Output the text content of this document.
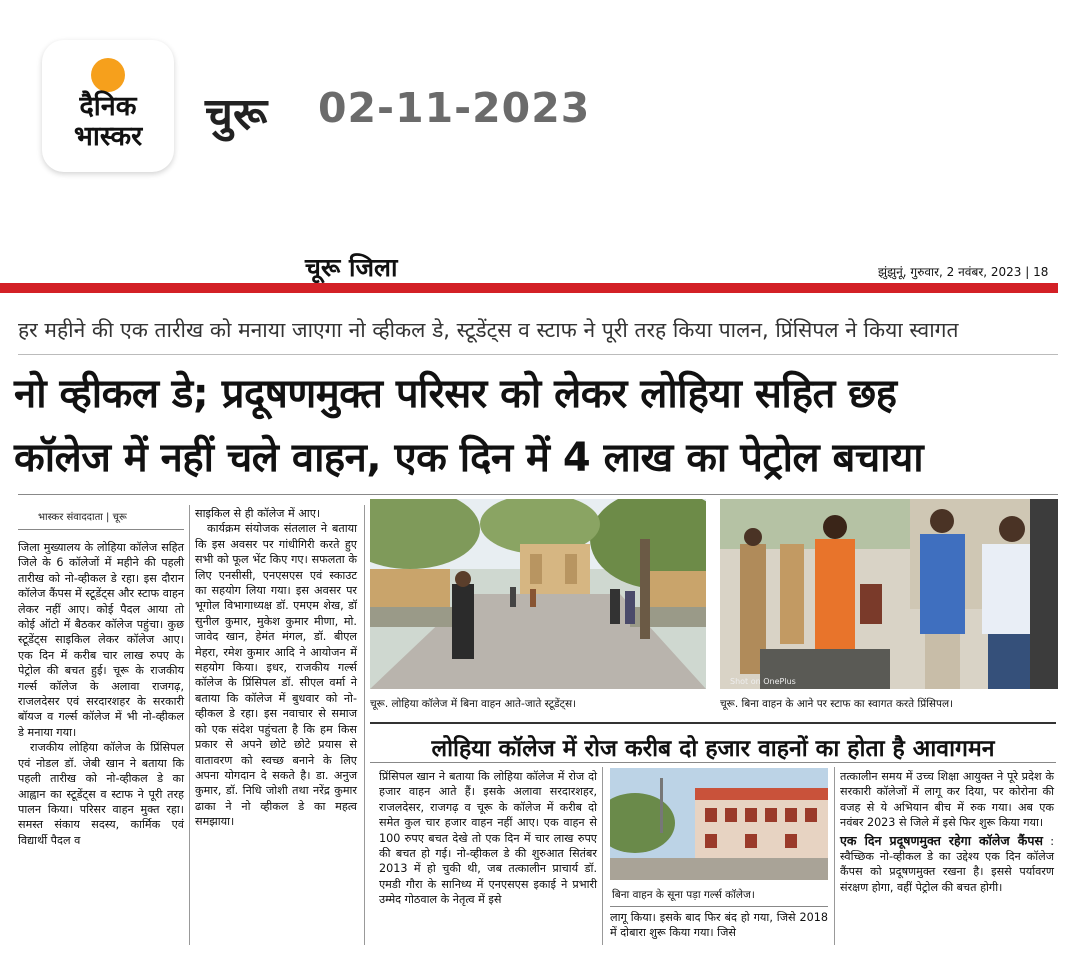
दैनिक
भास्कर	चुरू 02-11-2023
चूरू जिला	झुंझुनूं, गुरुवार, 2 नवंबर, 2023 | 18
हर महीने की एक तारीख को मनाया जाएगा नो व्हीकल डे, स्टूडेंट्स व स्टाफ ने पूरी तरह किया पालन, प्रिंसिपल ने किया स्वागत
नो व्हीकल डे; प्रदूषणमुक्त परिसर को लेकर लोहिया सहित छह
कॉलेज में नहीं चले वाहन, एक दिन में 4 लाख का पेट्रोल बचाया
भास्कर संवाददाता | चूरू

जिला मुख्यालय के लोहिया कॉलेज सहित जिले के 6 कॉलेजों में महीने की पहली तारीख को नो-व्हीकल डे रहा। इस दौरान कॉलेज कैंपस में स्टूडेंट्स और स्टाफ वाहन लेकर नहीं आए। कोई पैदल आया तो कोई ऑटो में बैठकर कॉलेज पहुंचा। कुछ स्टूडेंट्स साइकिल लेकर कॉलेज आए। एक दिन में करीब चार लाख रुपए के पेट्रोल की बचत हुई। चूरू के राजकीय गर्ल्स कॉलेज के अलावा राजगढ़, राजलदेसर एवं सरदारशहर के सरकारी बॉयज व गर्ल्स कॉलेज में भी नो-व्हीकल डे मनाया गया।

राजकीय लोहिया कॉलेज के प्रिंसिपल एवं नोडल डॉ. जेबी खान ने बताया कि पहली तारीख को नो-व्हीकल डे का आह्वान का स्टूडेंट्स व स्टाफ ने पूरी तरह पालन किया। परिसर वाहन मुक्त रहा। समस्त संकाय सदस्य, कार्मिक एवं विद्यार्थी पैदल व

साइकिल से ही कॉलेज में आए।

कार्यक्रम संयोजक संतलाल ने बताया कि इस अवसर पर गांधीगिरी करते हुए सभी को फूल भेंट किए गए। सफलता के लिए एनसीसी, एनएसएस एवं स्काउट का सहयोग लिया गया। इस अवसर पर भूगोल विभागाध्यक्ष डॉ. एमएम शेख, डॉ सुनील कुमार, मुकेश कुमार मीणा, मो. जावेद खान, हेमंत मंगल, डॉ. बीएल मेहरा, रमेश कुमार आदि ने आयोजन में सहयोग किया। इधर, राजकीय गर्ल्स कॉलेज के प्रिंसिपल डॉ. सीएल वर्मा ने बताया कि कॉलेज में बुधवार को नो-व्हीकल डे रहा। इस नवाचार से समाज को एक संदेश पहुंचता है कि हम किस प्रकार से अपने छोटे छोटे प्रयास से वातावरण को स्वच्छ बनाने के लिए अपना योगदान दे सकते है। डा. अनुज कुमार, डॉ. निधि जोशी तथा नरेंद्र कुमार ढाका ने नो व्हीकल डे का महत्व समझाया।

चूरू. लोहिया कॉलेज में बिना वाहन आते-जाते स्टूडेंट्स।
Shot on OnePlus
चूरू. बिना वाहन के आने पर स्टाफ का स्वागत करते प्रिंसिपल।
लोहिया कॉलेज में रोज करीब दो हजार वाहनों का होता है आवागमन

प्रिंसिपल खान ने बताया कि लोहिया कॉलेज में रोज दो हजार वाहन आते हैं। इसके अलावा सरदारशहर, राजलदेसर, राजगढ़ व चूरू के कॉलेज में करीब दो समेत कुल चार हजार वाहन नहीं आए। एक वाहन से 100 रुपए बचत देखे तो एक दिन में चार लाख रुपए की बचत हो गई। नो-व्हीकल डे की शुरुआत सितंबर 2013 में हो चुकी थी, जब तत्कालीन प्राचार्य डॉ. एमडी गौरा के सानिध्य में एनएसएस इकाई ने प्रभारी उम्मेद गोठवाल के नेतृत्व में इसे	बिना वाहन के सूना पड़ा गर्ल्स कॉलेज।

लागू किया। इसके बाद फिर बंद हो गया, जिसे 2018 में दोबारा शुरू किया गया। जिसे

तत्कालीन समय में उच्च शिक्षा आयुक्त ने पूरे प्रदेश के सरकारी कॉलेजों में लागू कर दिया, पर कोरोना की वजह से ये अभियान बीच में रुक गया। अब एक नवंबर 2023 से जिले में इसे फिर शुरू किया गया।

एक दिन प्रदूषणमुक्त रहेगा कॉलेज कैंपस : स्वैच्छिक नो-व्हीकल डे का उद्देश्य एक दिन कॉलेज कैंपस को प्रदूषणमुक्त रखना है। इससे पर्यावरण संरक्षण होगा, वहीं पेट्रोल की बचत होगी।
